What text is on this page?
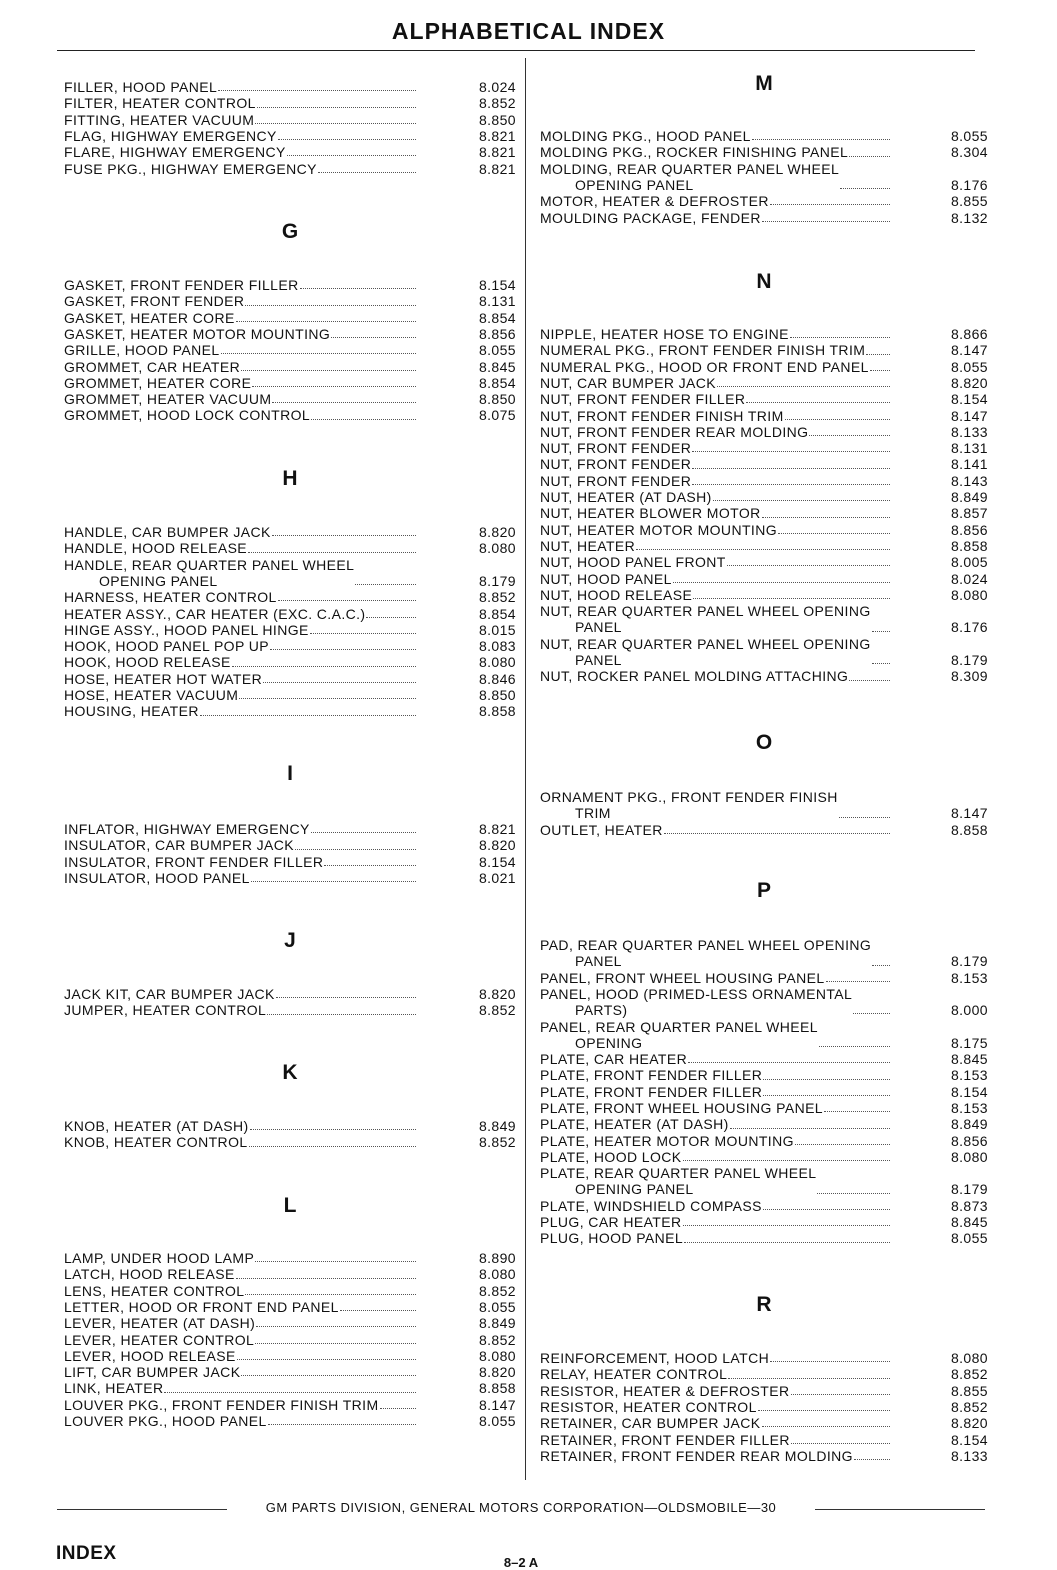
ALPHABETICAL INDEX
FILLER, HOOD PANEL	8.024
FILTER, HEATER CONTROL	8.852
FITTING, HEATER VACUUM	8.850
FLAG, HIGHWAY EMERGENCY	8.821
FLARE, HIGHWAY EMERGENCY	8.821
FUSE PKG., HIGHWAY EMERGENCY	8.821
G
GASKET, FRONT FENDER FILLER	8.154
GASKET, FRONT FENDER	8.131
GASKET, HEATER CORE	8.854
GASKET, HEATER MOTOR MOUNTING	8.856
GRILLE, HOOD PANEL	8.055
GROMMET, CAR HEATER	8.845
GROMMET, HEATER CORE	8.854
GROMMET, HEATER VACUUM	8.850
GROMMET, HOOD LOCK CONTROL	8.075
H
HANDLE, CAR BUMPER JACK	8.820
HANDLE, HOOD RELEASE	8.080
HANDLE, REAR QUARTER PANEL WHEEL
OPENING PANEL	8.179
HARNESS, HEATER CONTROL	8.852
HEATER ASSY., CAR HEATER (EXC. C.A.C.)	8.854
HINGE ASSY., HOOD PANEL HINGE	8.015
HOOK, HOOD PANEL POP UP	8.083
HOOK, HOOD RELEASE	8.080
HOSE, HEATER HOT WATER	8.846
HOSE, HEATER VACUUM	8.850
HOUSING, HEATER	8.858
I
INFLATOR, HIGHWAY EMERGENCY	8.821
INSULATOR, CAR BUMPER JACK	8.820
INSULATOR, FRONT FENDER FILLER	8.154
INSULATOR, HOOD PANEL	8.021
J
JACK KIT, CAR BUMPER JACK	8.820
JUMPER, HEATER CONTROL	8.852
K
KNOB, HEATER (AT DASH)	8.849
KNOB, HEATER CONTROL	8.852
L
LAMP, UNDER HOOD LAMP	8.890
LATCH, HOOD RELEASE	8.080
LENS, HEATER CONTROL	8.852
LETTER, HOOD OR FRONT END PANEL	8.055
LEVER, HEATER (AT DASH)	8.849
LEVER, HEATER CONTROL	8.852
LEVER, HOOD RELEASE	8.080
LIFT, CAR BUMPER JACK	8.820
LINK, HEATER	8.858
LOUVER PKG., FRONT FENDER FINISH TRIM	8.147
LOUVER PKG., HOOD PANEL	8.055
M
MOLDING PKG., HOOD PANEL	8.055
MOLDING PKG., ROCKER FINISHING PANEL	8.304
MOLDING, REAR QUARTER PANEL WHEEL
OPENING PANEL	8.176
MOTOR, HEATER & DEFROSTER	8.855
MOULDING PACKAGE, FENDER	8.132
N
NIPPLE, HEATER HOSE TO ENGINE	8.866
NUMERAL PKG., FRONT FENDER FINISH TRIM	8.147
NUMERAL PKG., HOOD OR FRONT END PANEL	8.055
NUT, CAR BUMPER JACK	8.820
NUT, FRONT FENDER FILLER	8.154
NUT, FRONT FENDER FINISH TRIM	8.147
NUT, FRONT FENDER REAR MOLDING	8.133
NUT, FRONT FENDER	8.131
NUT, FRONT FENDER	8.141
NUT, FRONT FENDER	8.143
NUT, HEATER (AT DASH)	8.849
NUT, HEATER BLOWER MOTOR	8.857
NUT, HEATER MOTOR MOUNTING	8.856
NUT, HEATER	8.858
NUT, HOOD PANEL FRONT	8.005
NUT, HOOD PANEL	8.024
NUT, HOOD RELEASE	8.080
NUT, REAR QUARTER PANEL WHEEL OPENING
PANEL	8.176
NUT, REAR QUARTER PANEL WHEEL OPENING
PANEL	8.179
NUT, ROCKER PANEL MOLDING ATTACHING	8.309
O
ORNAMENT PKG., FRONT FENDER FINISH
TRIM	8.147
OUTLET, HEATER	8.858
P
PAD, REAR QUARTER PANEL WHEEL OPENING
PANEL	8.179
PANEL, FRONT WHEEL HOUSING PANEL	8.153
PANEL, HOOD (PRIMED-LESS ORNAMENTAL
PARTS)	8.000
PANEL, REAR QUARTER PANEL WHEEL
OPENING	8.175
PLATE, CAR HEATER	8.845
PLATE, FRONT FENDER FILLER	8.153
PLATE, FRONT FENDER FILLER	8.154
PLATE, FRONT WHEEL HOUSING PANEL	8.153
PLATE, HEATER (AT DASH)	8.849
PLATE, HEATER MOTOR MOUNTING	8.856
PLATE, HOOD LOCK	8.080
PLATE, REAR QUARTER PANEL WHEEL
OPENING PANEL	8.179
PLATE, WINDSHIELD COMPASS	8.873
PLUG, CAR HEATER	8.845
PLUG, HOOD PANEL	8.055
R
REINFORCEMENT, HOOD LATCH	8.080
RELAY, HEATER CONTROL	8.852
RESISTOR, HEATER & DEFROSTER	8.855
RESISTOR, HEATER CONTROL	8.852
RETAINER, CAR BUMPER JACK	8.820
RETAINER, FRONT FENDER FILLER	8.154
RETAINER, FRONT FENDER REAR MOLDING	8.133
GM PARTS DIVISION, GENERAL MOTORS CORPORATION—OLDSMOBILE—30
INDEX	8–2 A
